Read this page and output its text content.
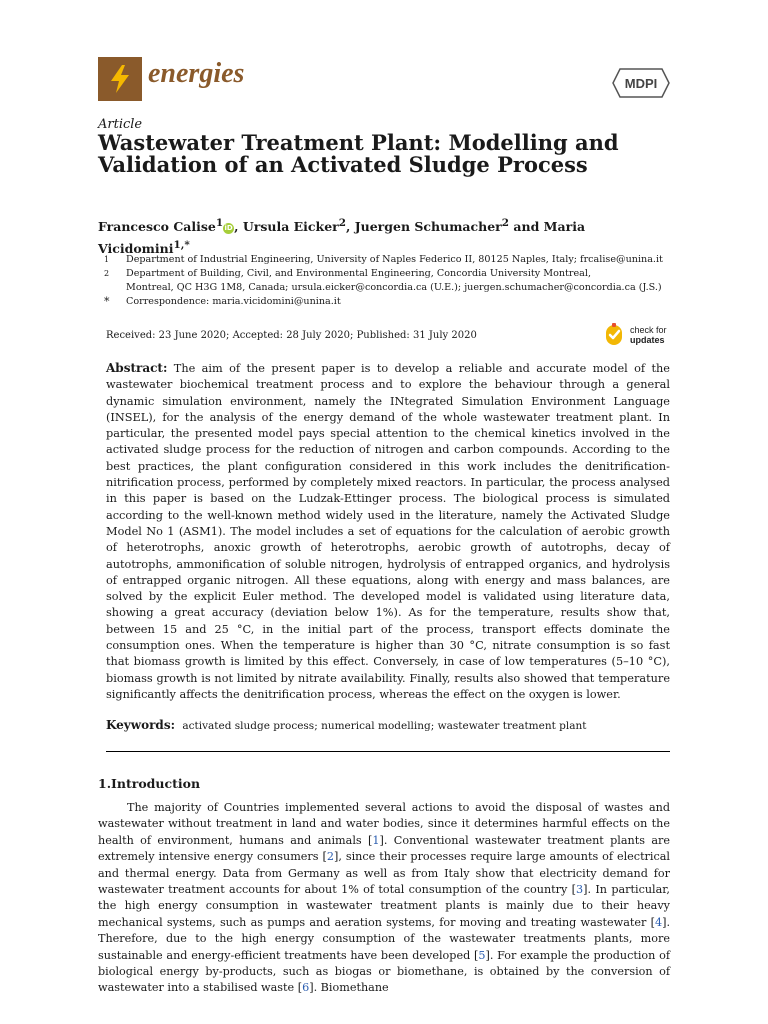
energies	MDPI
Article
Wastewater Treatment Plant: Modelling and Validation of an Activated Sludge Process
Francesco Calise$^1$iD, Ursula Eicker$^2$, Juergen Schumacher$^2$ and Maria Vicidomini$^{1,*}$
1	Department of Industrial Engineering, University of Naples Federico II, 80125 Naples, Italy; frcalise@unina.it
2	Department of Building, Civil, and Environmental Engineering, Concordia University Montreal,
Montreal, QC H3G 1M8, Canada; ursula.eicker@concordia.ca (U.E.); juergen.schumacher@concordia.ca (J.S.)
*	Correspondence: maria.vicidomini@unina.it
Received: 23 June 2020; Accepted: 28 July 2020; Published: 31 July 2020	check for
updates

Abstract: The aim of the present paper is to develop a reliable and accurate model of the wastewater biochemical treatment process and to explore the behaviour through a general dynamic simulation environment, namely the INtegrated Simulation Environment Language (INSEL), for the analysis of the energy demand of the whole wastewater treatment plant. In particular, the presented model pays special attention to the chemical kinetics involved in the activated sludge process for the reduction of nitrogen and carbon compounds. According to the best practices, the plant configuration considered in this work includes the denitrification-nitrification process, performed by completely mixed reactors. In particular, the process analysed in this paper is based on the Ludzak-Ettinger process. The biological process is simulated according to the well-known method widely used in the literature, namely the Activated Sludge Model No 1 (ASM1). The model includes a set of equations for the calculation of aerobic growth of heterotrophs, anoxic growth of heterotrophs, aerobic growth of autotrophs, decay of autotrophs, ammonification of soluble nitrogen, hydrolysis of entrapped organics, and hydrolysis of entrapped organic nitrogen. All these equations, along with energy and mass balances, are solved by the explicit Euler method. The developed model is validated using literature data, showing a great accuracy (deviation below 1%). As for the temperature, results show that, between 15 and 25 °C, in the initial part of the process, transport effects dominate the consumption ones. When the temperature is higher than 30 °C, nitrate consumption is so fast that biomass growth is limited by this effect. Conversely, in case of low temperatures (5–10 °C), biomass growth is not limited by nitrate availability. Finally, results also showed that temperature significantly affects the denitrification process, whereas the effect on the oxygen is lower.

Keywords: activated sludge process; numerical modelling; wastewater treatment plant
1.Introduction

The majority of Countries implemented several actions to avoid the disposal of wastes and wastewater without treatment in land and water bodies, since it determines harmful effects on the health of environment, humans and animals [1]. Conventional wastewater treatment plants are extremely intensive energy consumers [2], since their processes require large amounts of electrical and thermal energy. Data from Germany as well as from Italy show that electricity demand for wastewater treatment accounts for about 1% of total consumption of the country [3]. In particular, the high energy consumption in wastewater treatment plants is mainly due to their heavy mechanical systems, such as pumps and aeration systems, for moving and treating wastewater [4]. Therefore, due to the high energy consumption of the wastewater treatments plants, more sustainable and energy-efficient treatments have been developed [5]. For example the production of biological energy by-products, such as biogas or biomethane, is obtained by the conversion of wastewater into a stabilised waste [6]. Biomethane
